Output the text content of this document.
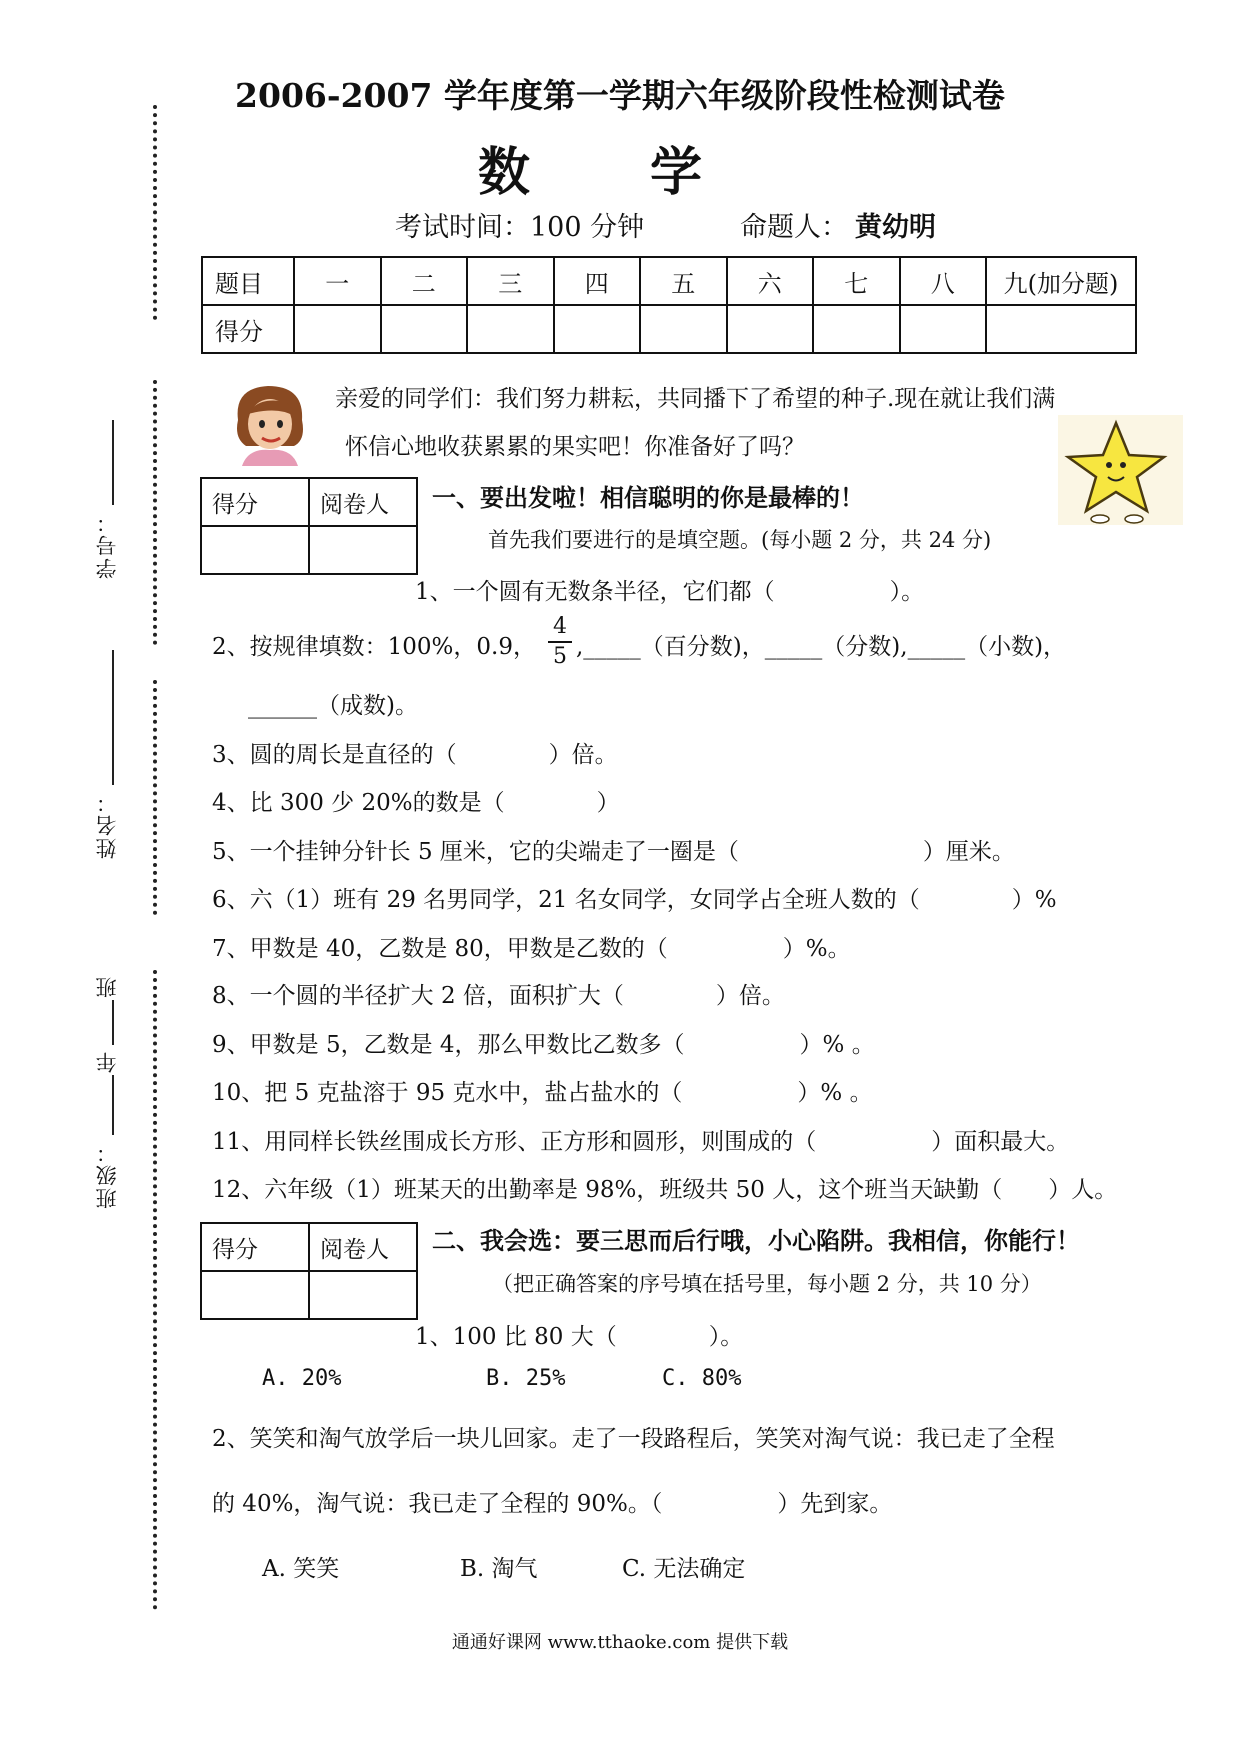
学号：
姓名：
班级：
年
班
2006-2007 学年度第一学期六年级阶段性检测试卷
数学
考试时间：100 分钟	命题人： 黄幼明
题目	一	二	三	四	五	六	七	八	九(加分题)
得分									
亲爱的同学们：我们努力耕耘，共同播下了希望的种子.现在就让我们满
怀信心地收获累累的果实吧！你准备好了吗？
得分	阅卷人
	一、要出发啦！相信聪明的你是最棒的！
首先我们要进行的是填空题。(每小题 2 分，共 24 分)
1、一个圆有无数条半径，它们都（　　　　　）。
2、按规律填数：100%，0.9，
4
5 ,_____（百分数)，_____（分数),_____（小数)，
______（成数)。
3、圆的周长是直径的（　　　　）倍。
4、比 300 少 20%的数是（　　　　）
5、一个挂钟分针长 5 厘米，它的尖端走了一圈是（　　　　　　　　）厘米。
6、六（1）班有 29 名男同学，21 名女同学，女同学占全班人数的（　　　　）%
7、甲数是 40，乙数是 80，甲数是乙数的（　　　　　）%。
8、一个圆的半径扩大 2 倍，面积扩大（　　　　）倍。
9、甲数是 5，乙数是 4，那么甲数比乙数多（　　　　　）% 。
10、把 5 克盐溶于 95 克水中，盐占盐水的（　　　　　）% 。
11、用同样长铁丝围成长方形、正方形和圆形，则围成的（　　　　　）面积最大。
12、六年级（1）班某天的出勤率是 98%，班级共 50 人，这个班当天缺勤（　　）人。
得分	阅卷人
	二、我会选：要三思而后行哦，小心陷阱。我相信，你能行！
（把正确答案的序号填在括号里，每小题 2 分，共 10 分）
1、100 比 80 大（　　　　）。
A. 20%	B. 25%	C. 80%
2、笑笑和淘气放学后一块儿回家。走了一段路程后，笑笑对淘气说：我已走了全程
的 40%，淘气说：我已走了全程的 90%。（　　　　　）先到家。
A. 笑笑	B. 淘气	C. 无法确定
通通好课网 www.tthaoke.com 提供下载
